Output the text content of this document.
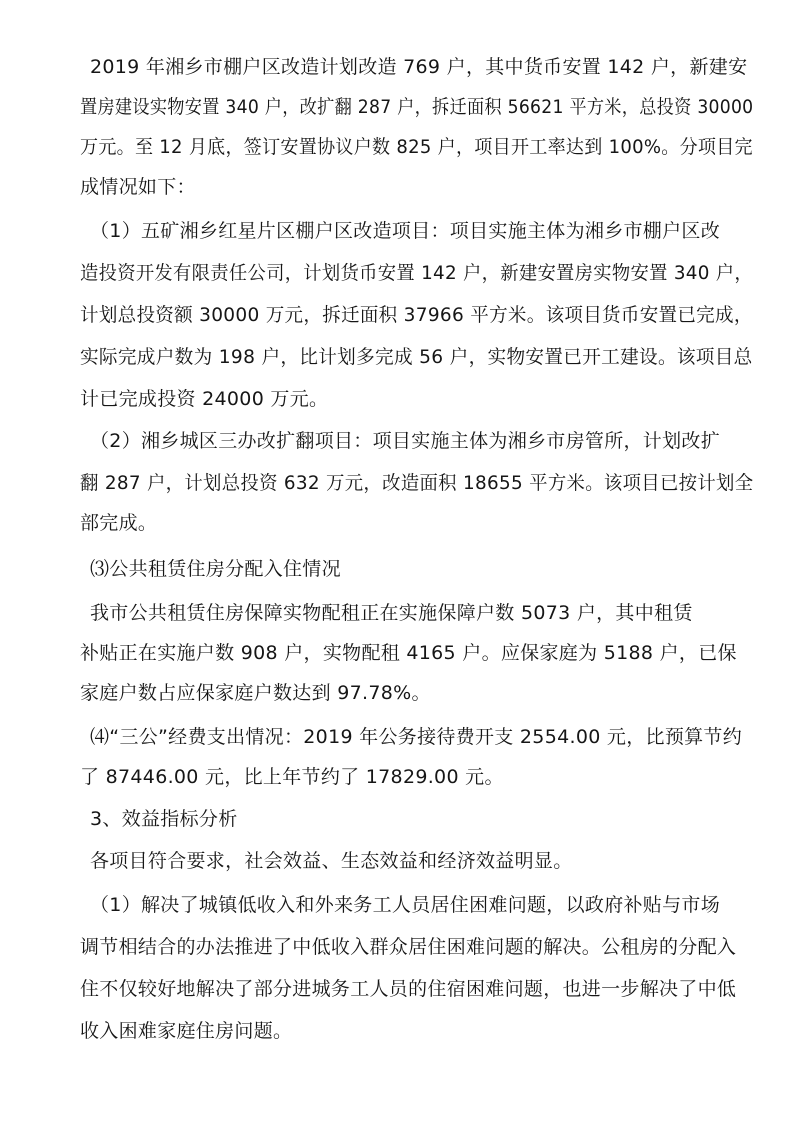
2019 年湘乡市棚户区改造计划改造 769 户，其中货币安置 142 户，新建安
置房建设实物安置 340 户，改扩翻 287 户，拆迁面积 56621 平方米，总投资 30000
万元。至 12 月底，签订安置协议户数 825 户，项目开工率达到 100%。分项目完
成情况如下：
（1）五矿湘乡红星片区棚户区改造项目：项目实施主体为湘乡市棚户区改
造投资开发有限责任公司，计划货币安置 142 户，新建安置房实物安置 340 户，
计划总投资额 30000 万元，拆迁面积 37966 平方米。该项目货币安置已完成，
实际完成户数为 198 户，比计划多完成 56 户，实物安置已开工建设。该项目总
计已完成投资 24000 万元。
（2）湘乡城区三办改扩翻项目：项目实施主体为湘乡市房管所，计划改扩
翻 287 户，计划总投资 632 万元，改造面积 18655 平方米。该项目已按计划全
部完成。
⑶公共租赁住房分配入住情况
我市公共租赁住房保障实物配租正在实施保障户数 5073 户，其中租赁
补贴正在实施户数 908 户，实物配租 4165 户。应保家庭为 5188 户，已保
家庭户数占应保家庭户数达到 97.78%。
⑷“三公”经费支出情况：2019 年公务接待费开支 2554.00 元，比预算节约
了 87446.00 元，比上年节约了 17829.00 元。
3、效益指标分析
各项目符合要求，社会效益、生态效益和经济效益明显。
（1）解决了城镇低收入和外来务工人员居住困难问题，以政府补贴与市场
调节相结合的办法推进了中低收入群众居住困难问题的解决。公租房的分配入
住不仅较好地解决了部分进城务工人员的住宿困难问题，也进一步解决了中低
收入困难家庭住房问题。
